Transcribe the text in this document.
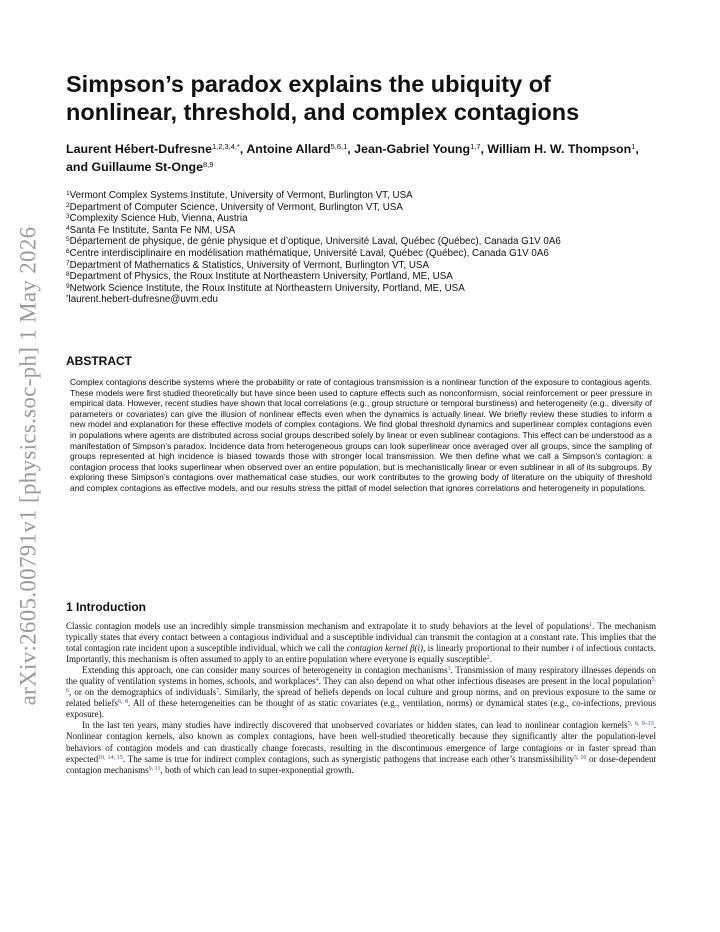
arXiv:2605.00791v1 [physics.soc-ph] 1 May 2026
Simpson’s paradox explains the ubiquity of nonlinear, threshold, and complex contagions
Laurent Hébert-Dufresne$^{1,2,3,4,*}$, Antoine Allard$^{5,6,1}$, Jean-Gabriel Young$^{1,7}$, William H. W. Thompson$^1$, and Guillaume St-Onge$^{8,9}$
$^1$Vermont Complex Systems Institute, University of Vermont, Burlington VT, USA
$^2$Department of Computer Science, University of Vermont, Burlington VT, USA
$^3$Complexity Science Hub, Vienna, Austria
$^4$Santa Fe Institute, Santa Fe NM, USA
$^5$Département de physique, de génie physique et d’optique, Université Laval, Québec (Québec), Canada G1V 0A6
$^6$Centre interdisciplinaire en modélisation mathématique, Université Laval, Québec (Québec), Canada G1V 0A6
$^7$Department of Mathematics & Statistics, University of Vermont, Burlington VT, USA
$^8$Department of Physics, the Roux Institute at Northeastern University, Portland, ME, USA
$^9$Network Science Institute, the Roux Institute at Northeastern University, Portland, ME, USA
*laurent.hebert-dufresne@uvm.edu
ABSTRACT

Complex contagions describe systems where the probability or rate of contagious transmission is a nonlinear function of the exposure to contagious agents. These models were first studied theoretically but have since been used to capture effects such as nonconformism, social reinforcement or peer pressure in empirical data. However, recent studies have shown that local correlations (e.g., group structure or temporal burstiness) and heterogeneity (e.g., diversity of parameters or covariates) can give the illusion of nonlinear effects even when the dynamics is actually linear. We briefly review these studies to inform a new model and explanation for these effective models of complex contagions. We find global threshold dynamics and superlinear complex contagions even in populations where agents are distributed across social groups described solely by linear or even sublinear contagions. This effect can be understood as a manifestation of Simpson’s paradox. Incidence data from heterogeneous groups can look superlinear once averaged over all groups, since the sampling of groups represented at high incidence is biased towards those with stronger local transmission. We then define what we call a Simpson’s contagion: a contagion process that looks superlinear when observed over an entire population, but is mechanistically linear or even sublinear in all of its subgroups. By exploring these Simpson’s contagions over mathematical case studies, our work contributes to the growing body of literature on the ubiquity of threshold and complex contagions as effective models, and our results stress the pitfall of model selection that ignores correlations and heterogeneity in populations.

1 Introduction

Classic contagion models use an incredibly simple transmission mechanism and extrapolate it to study behaviors at the level of populations$^1$. The mechanism typically states that every contact between a contagious individual and a susceptible individual can transmit the contagion at a constant rate. This implies that the total contagion rate incident upon a susceptible individual, which we call the contagion kernel β(i), is linearly proportional to their number i of infectious contacts. Importantly, this mechanism is often assumed to apply to an entire population where everyone is equally susceptible$^2$.

Extending this approach, one can consider many sources of heterogeneity in contagion mechanisms$^3$. Transmission of many respiratory illnesses depends on the quality of ventilation systems in homes, schools, and workplaces$^4$. They can also depend on what other infectious diseases are present in the local population$^{5, 6}$, or on the demographics of individuals$^7$. Similarly, the spread of beliefs depends on local culture and group norms, and on previous exposure to the same or related beliefs$^{6, 8}$. All of these heterogeneities can be thought of as static covariates (e.g., ventilation, norms) or dynamical states (e.g., co-infections, previous exposure).

In the last ten years, many studies have indirectly discovered that unobserved covariates or hidden states, can lead to nonlinear contagion kernels$^{5, 6, 9-13}$. Nonlinear contagion kernels, also known as complex contagions, have been well-studied theoretically because they significantly alter the population-level behaviors of contagion models and can drastically change forecasts, resulting in the discontinuous emergence of large contagions or in faster spread than expected$^{10, 14, 15}$. The same is true for indirect complex contagions, such as synergistic pathogens that increase each other’s transmissibility$^{5, 10}$ or dose-dependent contagion mechanisms$^{9, 11}$, both of which can lead to super-exponential growth.
